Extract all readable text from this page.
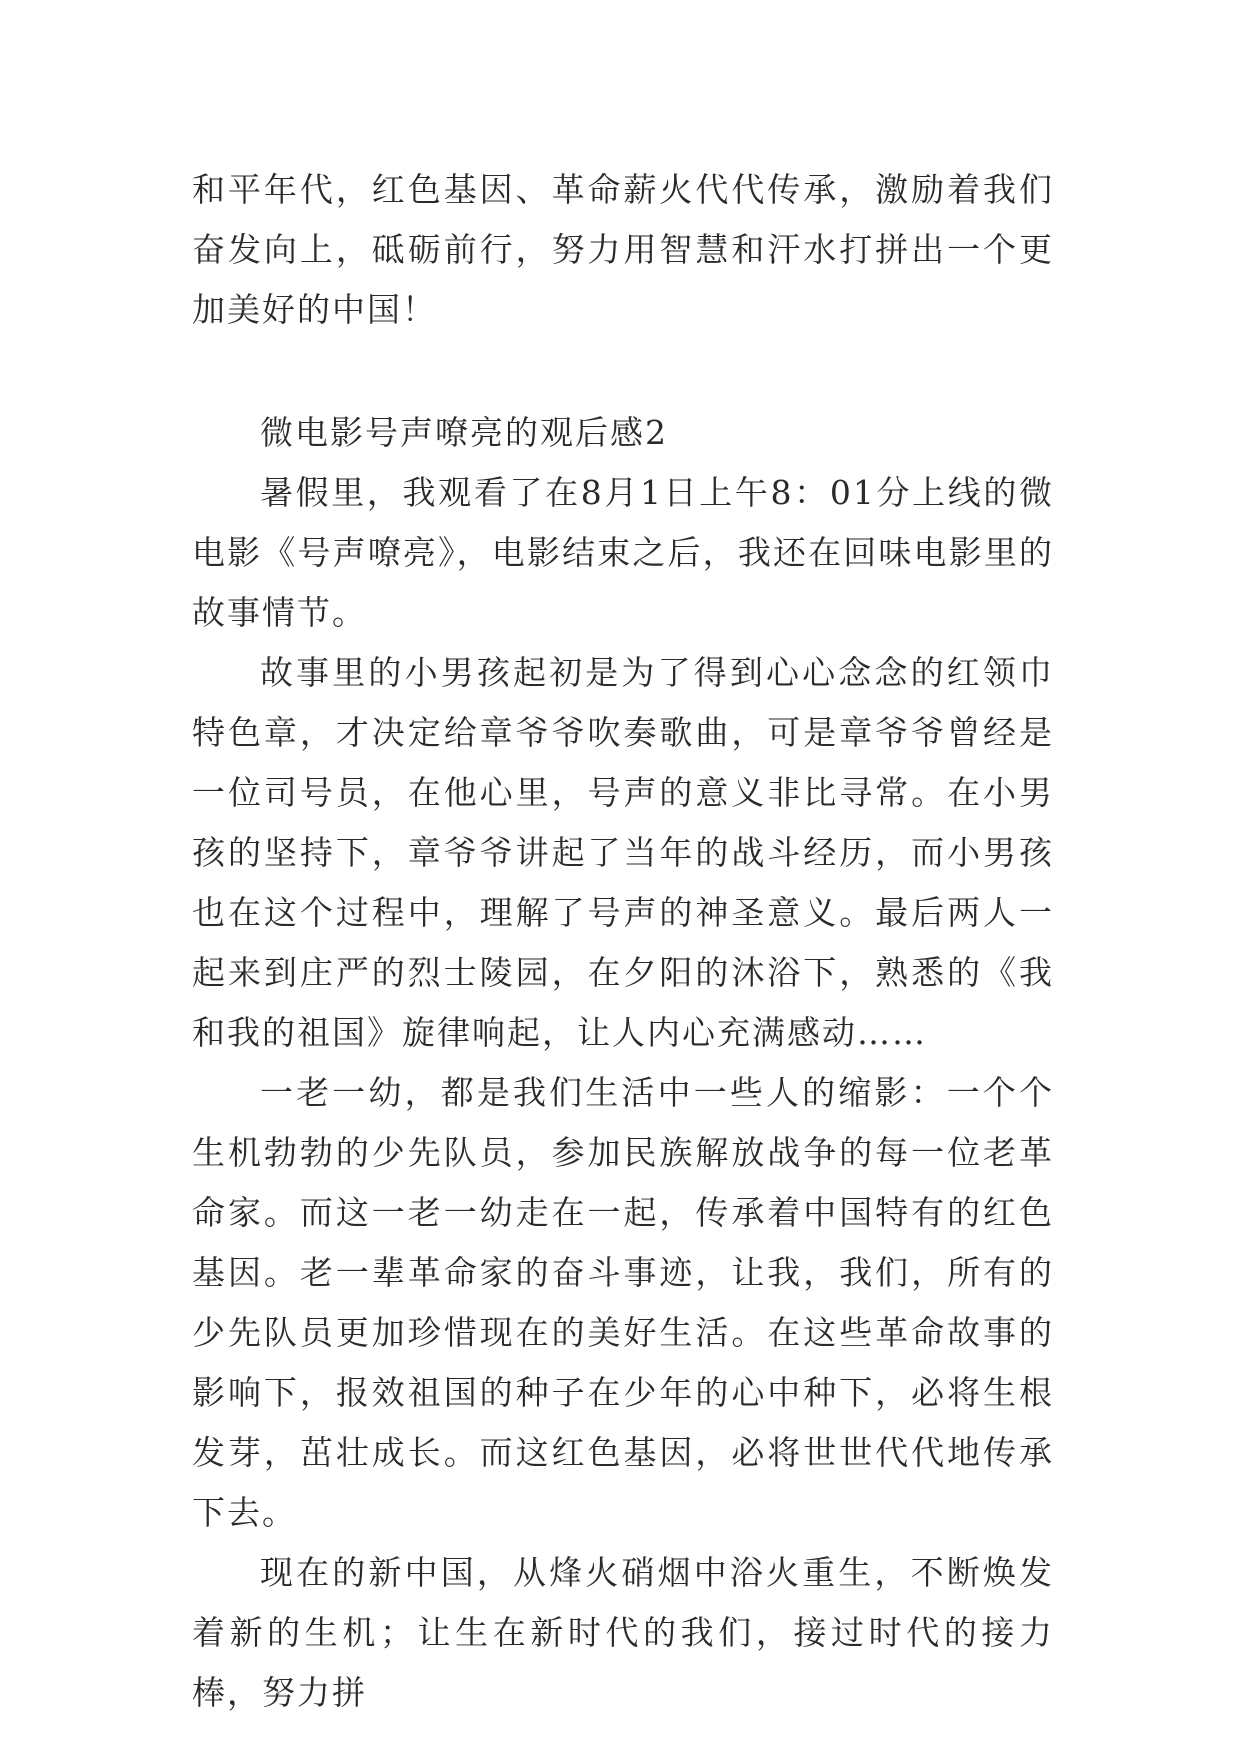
和平年代，红色基因、革命薪火代代传承，激励着我们奋发向上，砥砺前行，努力用智慧和汗水打拼出一个更加美好的中国！

微电影号声嘹亮的观后感2

暑假里，我观看了在8月1日上午8：01分上线的微电影《号声嘹亮》，电影结束之后，我还在回味电影里的故事情节。

故事里的小男孩起初是为了得到心心念念的红领巾特色章，才决定给章爷爷吹奏歌曲，可是章爷爷曾经是一位司号员，在他心里，号声的意义非比寻常。在小男孩的坚持下，章爷爷讲起了当年的战斗经历，而小男孩也在这个过程中，理解了号声的神圣意义。最后两人一起来到庄严的烈士陵园，在夕阳的沐浴下，熟悉的《我和我的祖国》旋律响起，让人内心充满感动……

一老一幼，都是我们生活中一些人的缩影：一个个生机勃勃的少先队员，参加民族解放战争的每一位老革命家。而这一老一幼走在一起，传承着中国特有的红色基因。老一辈革命家的奋斗事迹，让我，我们，所有的少先队员更加珍惜现在的美好生活。在这些革命故事的影响下，报效祖国的种子在少年的心中种下，必将生根发芽，茁壮成长。而这红色基因，必将世世代代地传承下去。

现在的新中国，从烽火硝烟中浴火重生，不断焕发着新的生机；让生在新时代的我们，接过时代的接力棒，努力拼
